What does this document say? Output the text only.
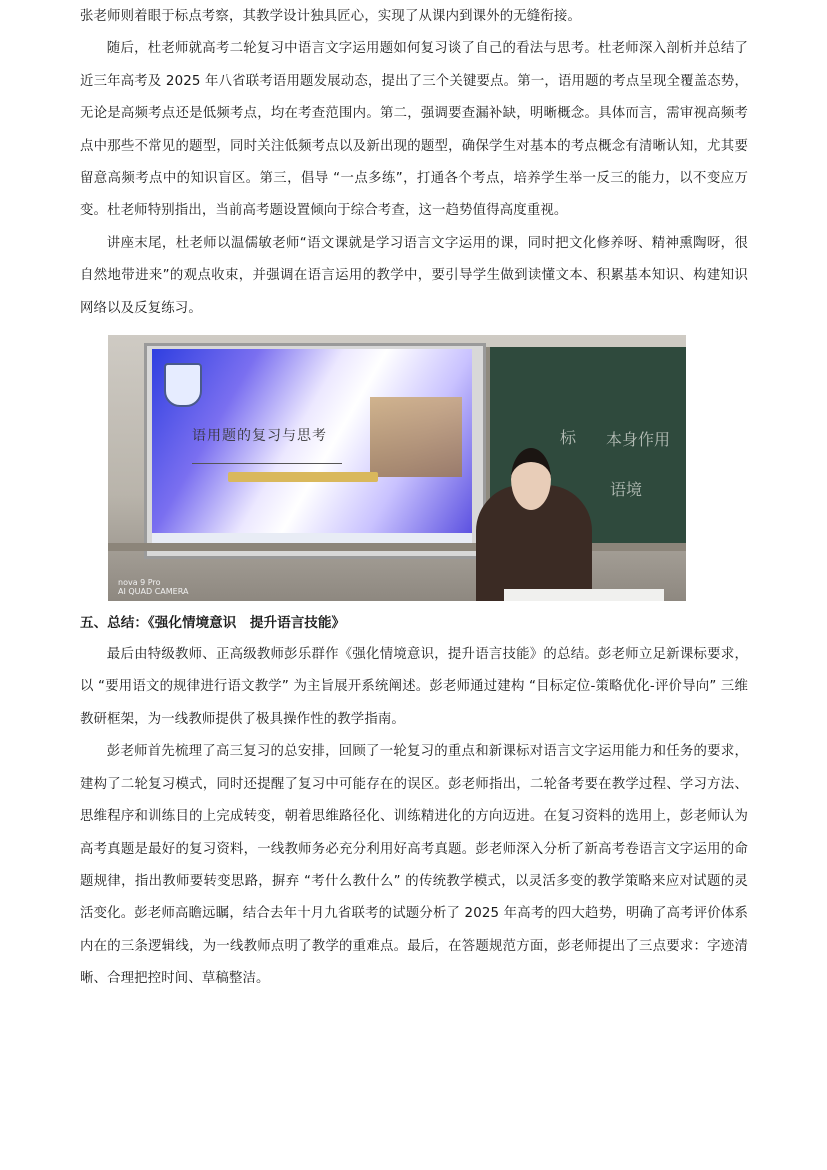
张老师则着眼于标点考察，其教学设计独具匠心，实现了从课内到课外的无缝衔接。

随后，杜老师就高考二轮复习中语言文字运用题如何复习谈了自己的看法与思考。杜老师深入剖析并总结了近三年高考及 2025 年八省联考语用题发展动态，提出了三个关键要点。第一，语用题的考点呈现全覆盖态势，无论是高频考点还是低频考点，均在考查范围内。第二，强调要查漏补缺，明晰概念。具体而言，需审视高频考点中那些不常见的题型，同时关注低频考点以及新出现的题型，确保学生对基本的考点概念有清晰认知，尤其要留意高频考点中的知识盲区。第三，倡导 “一点多练”，打通各个考点，培养学生举一反三的能力，以不变应万变。杜老师特别指出，当前高考题设置倾向于综合考查，这一趋势值得高度重视。

讲座末尾，杜老师以温儒敏老师“语文课就是学习语言文字运用的课，同时把文化修养呀、精神熏陶呀，很自然地带进来”的观点收束，并强调在语言运用的教学中，要引导学生做到读懂文本、积累基本知识、构建知识网络以及反复练习。

语用题的复习与思考	标 本身作用
语境
nova 9 Pro
AI QUAD CAMERA
五、总结：《强化情境意识　提升语言技能》

最后由特级教师、正高级教师彭乐群作《强化情境意识，提升语言技能》的总结。彭老师立足新课标要求，以 “要用语文的规律进行语文教学” 为主旨展开系统阐述。彭老师通过建构 “目标定位-策略优化-评价导向” 三维教研框架，为一线教师提供了极具操作性的教学指南。

彭老师首先梳理了高三复习的总安排，回顾了一轮复习的重点和新课标对语言文字运用能力和任务的要求，建构了二轮复习模式，同时还提醒了复习中可能存在的误区。彭老师指出，二轮备考要在教学过程、学习方法、思维程序和训练目的上完成转变，朝着思维路径化、训练精进化的方向迈进。在复习资料的选用上，彭老师认为高考真题是最好的复习资料，一线教师务必充分利用好高考真题。彭老师深入分析了新高考卷语言文字运用的命题规律，指出教师要转变思路，摒弃 “考什么教什么” 的传统教学模式，以灵活多变的教学策略来应对试题的灵活变化。彭老师高瞻远瞩，结合去年十月九省联考的试题分析了 2025 年高考的四大趋势，明确了高考评价体系内在的三条逻辑线，为一线教师点明了教学的重难点。最后，在答题规范方面，彭老师提出了三点要求：字迹清晰、合理把控时间、草稿整洁。
